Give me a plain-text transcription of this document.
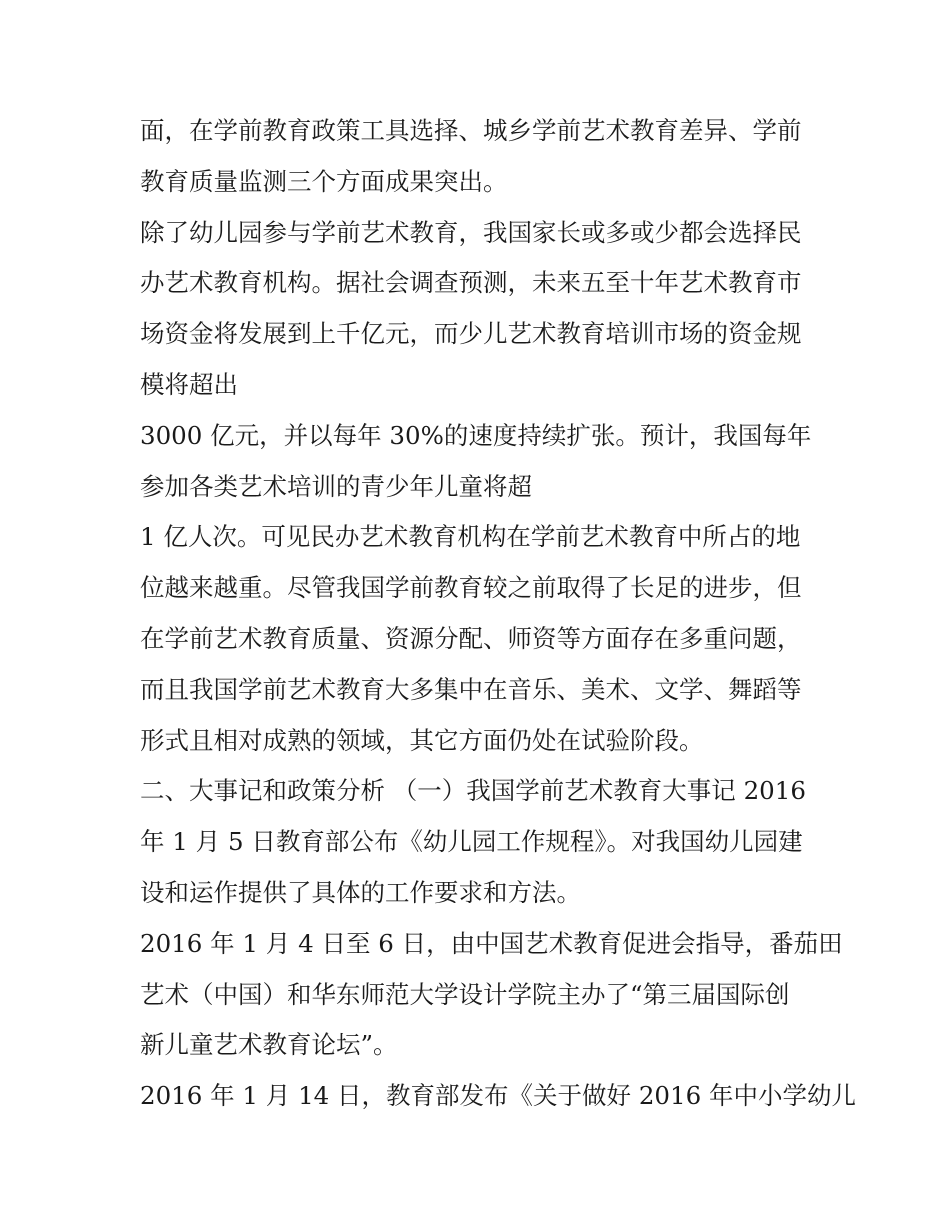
面，在学前教育政策工具选择、城乡学前艺术教育差异、学前
教育质量监测三个方面成果突出。
除了幼儿园参与学前艺术教育，我国家长或多或少都会选择民
办艺术教育机构。据社会调查预测，未来五至十年艺术教育市
场资金将发展到上千亿元，而少儿艺术教育培训市场的资金规
模将超出
3000 亿元，并以每年 30%的速度持续扩张。预计，我国每年
参加各类艺术培训的青少年儿童将超
1 亿人次。可见民办艺术教育机构在学前艺术教育中所占的地
位越来越重。尽管我国学前教育较之前取得了长足的进步，但
在学前艺术教育质量、资源分配、师资等方面存在多重问题，
而且我国学前艺术教育大多集中在音乐、美术、文学、舞蹈等
形式且相对成熟的领域，其它方面仍处在试验阶段。
二、大事记和政策分析 （一）我国学前艺术教育大事记 2016
年 1 月 5 日教育部公布《幼儿园工作规程》。对我国幼儿园建
设和运作提供了具体的工作要求和方法。
2016 年 1 月 4 日至 6 日，由中国艺术教育促进会指导，番茄田
艺术（中国）和华东师范大学设计学院主办了“第三届国际创
新儿童艺术教育论坛”。
2016 年 1 月 14 日，教育部发布《关于做好 2016 年中小学幼儿
